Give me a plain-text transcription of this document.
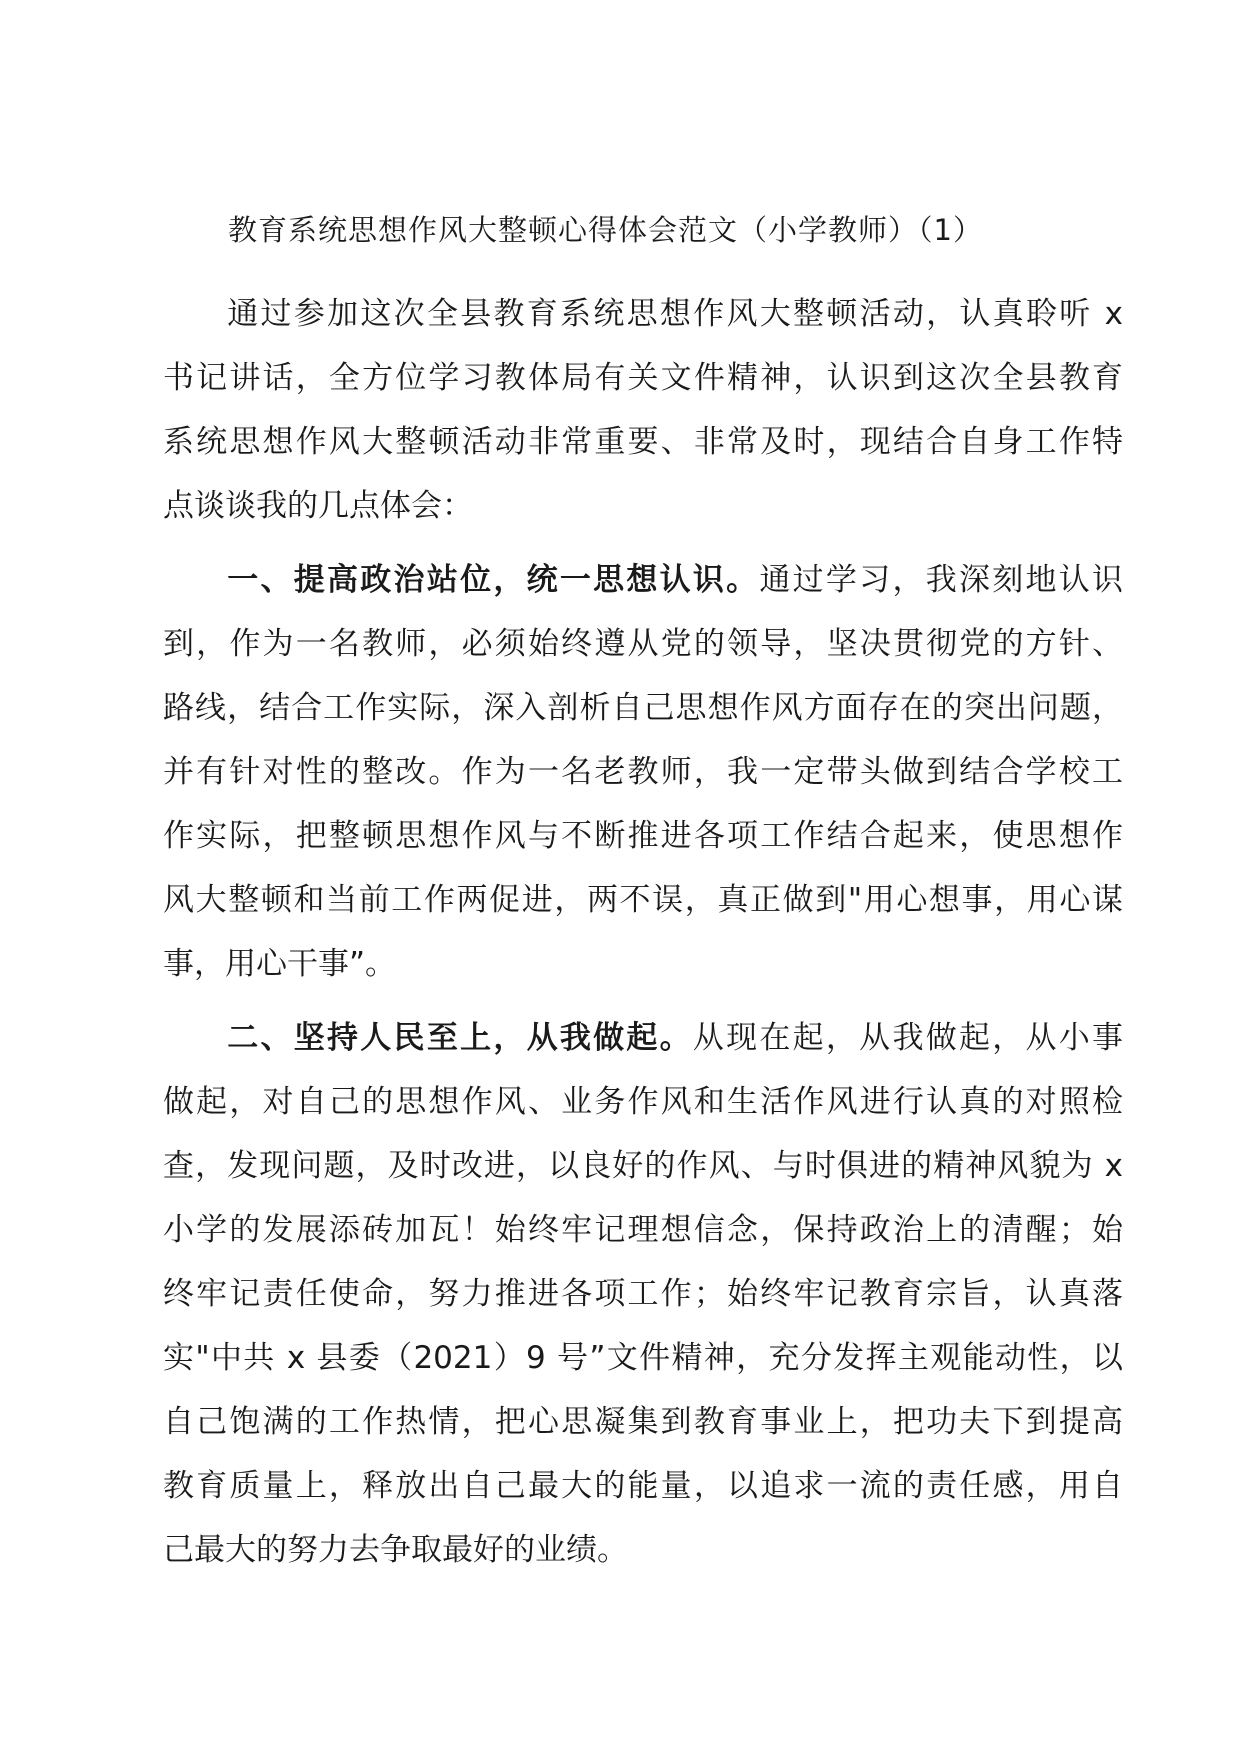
教育系统思想作风大整顿心得体会范文（小学教师）（1）
通过参加这次全县教育系统思想作风大整顿活动，认真聆听 x
书记讲话，全方位学习教体局有关文件精神，认识到这次全县教育
系统思想作风大整顿活动非常重要、非常及时，现结合自身工作特
点谈谈我的几点体会：
一、提高政治站位，统一思想认识。通过学习，我深刻地认识
到，作为一名教师，必须始终遵从党的领导，坚决贯彻党的方针、
路线，结合工作实际，深入剖析自己思想作风方面存在的突出问题，
并有针对性的整改。作为一名老教师，我一定带头做到结合学校工
作实际，把整顿思想作风与不断推进各项工作结合起来，使思想作
风大整顿和当前工作两促进，两不误，真正做到"用心想事，用心谋
事，用心干事”。
二、坚持人民至上，从我做起。从现在起，从我做起，从小事
做起，对自己的思想作风、业务作风和生活作风进行认真的对照检
查，发现问题，及时改进，以良好的作风、与时俱进的精神风貌为 x
小学的发展添砖加瓦！始终牢记理想信念，保持政治上的清醒；始
终牢记责任使命，努力推进各项工作；始终牢记教育宗旨，认真落
实"中共 x 县委（2021）9 号”文件精神，充分发挥主观能动性，以
自己饱满的工作热情，把心思凝集到教育事业上，把功夫下到提高
教育质量上，释放出自己最大的能量，以追求一流的责任感，用自
己最大的努力去争取最好的业绩。
